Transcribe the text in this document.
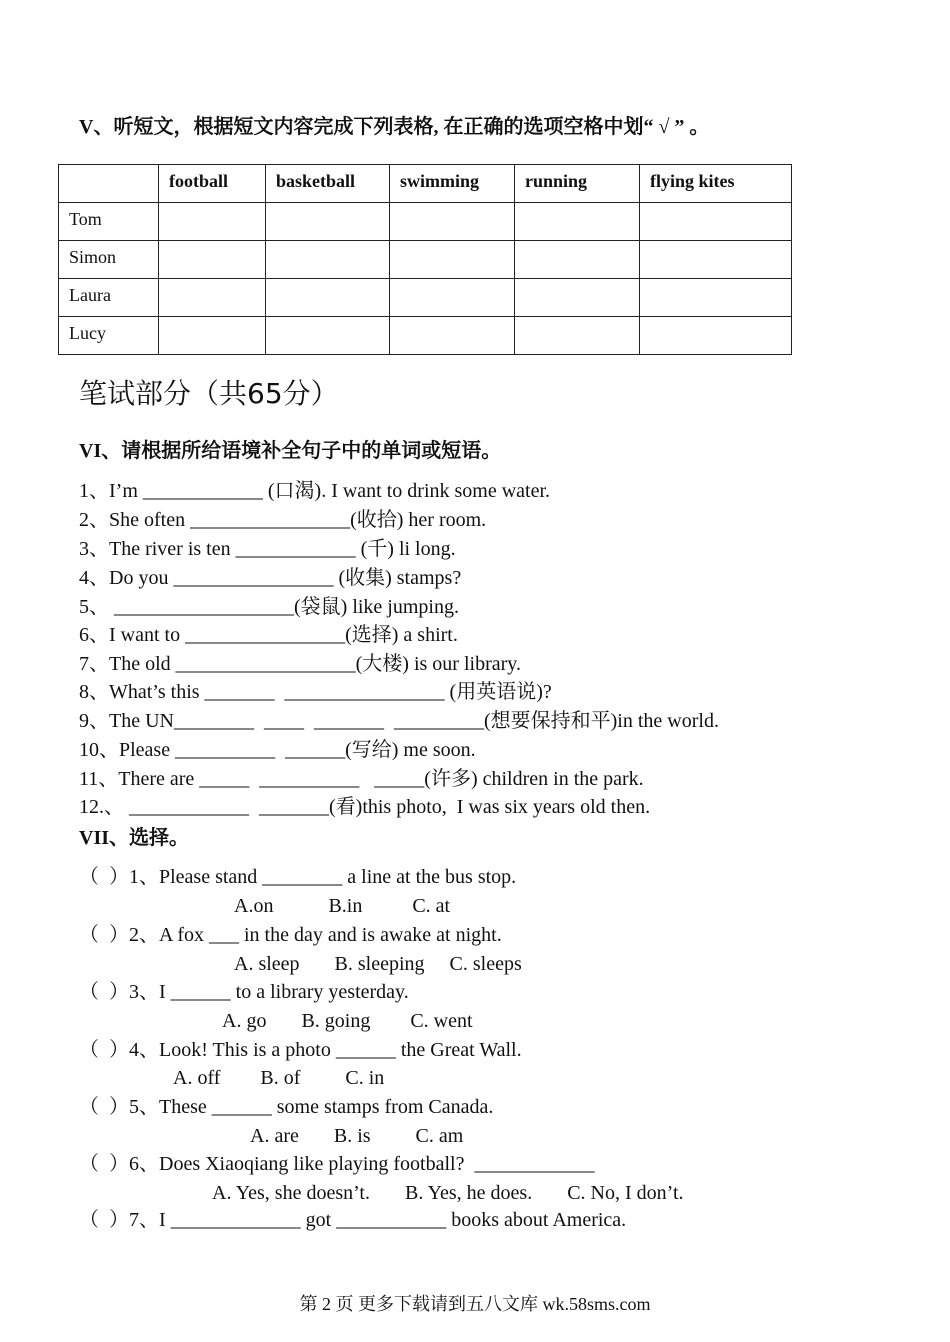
V、听短文，根据短文内容完成下列表格, 在正确的选项空格中划“ √ ” 。
	football	basketball	swimming	running	flying kites
Tom					
Simon					
Laura					
Lucy					
笔试部分（共65分）
VI、请根据所给语境补全句子中的单词或短语。
1、I’m ____________ (口渴). I want to drink some water.
2、She often ________________(收拾) her room.
3、The river is ten ____________ (千) li long.
4、Do you ________________ (收集) stamps?
5、 __________________(袋鼠) like jumping.
6、I want to ________________(选择) a shirt.
7、The old __________________(大楼) is our library.
8、What’s this _______  ________________ (用英语说)?
9、The UN________  ____  _______  _________(想要保持和平)in the world.
10、Please __________  ______(写给) me soon.
11、There are _____  __________   _____(许多) children in the park.
12.、 ____________  _______(看)this photo,  I was six years old then.
VII、选择。
（  ）1、Please stand ________ a line at the bus stop.
A.on           B.in          C. at
（  ）2、A fox ___ in the day and is awake at night.
A. sleep       B. sleeping     C. sleeps
（  ）3、I ______ to a library yesterday.
A. go       B. going        C. went
（  ）4、Look! This is a photo ______ the Great Wall.
A. off        B. of         C. in
（  ）5、These ______ some stamps from Canada.
A. are       B. is         C. am
（  ）6、Does Xiaoqiang like playing football?  ____________
A. Yes, she doesn’t.       B. Yes, he does.       C. No, I don’t.
（  ）7、I _____________ got ___________ books about America.
第 2 页 更多下载请到五八文库 wk.58sms.com
